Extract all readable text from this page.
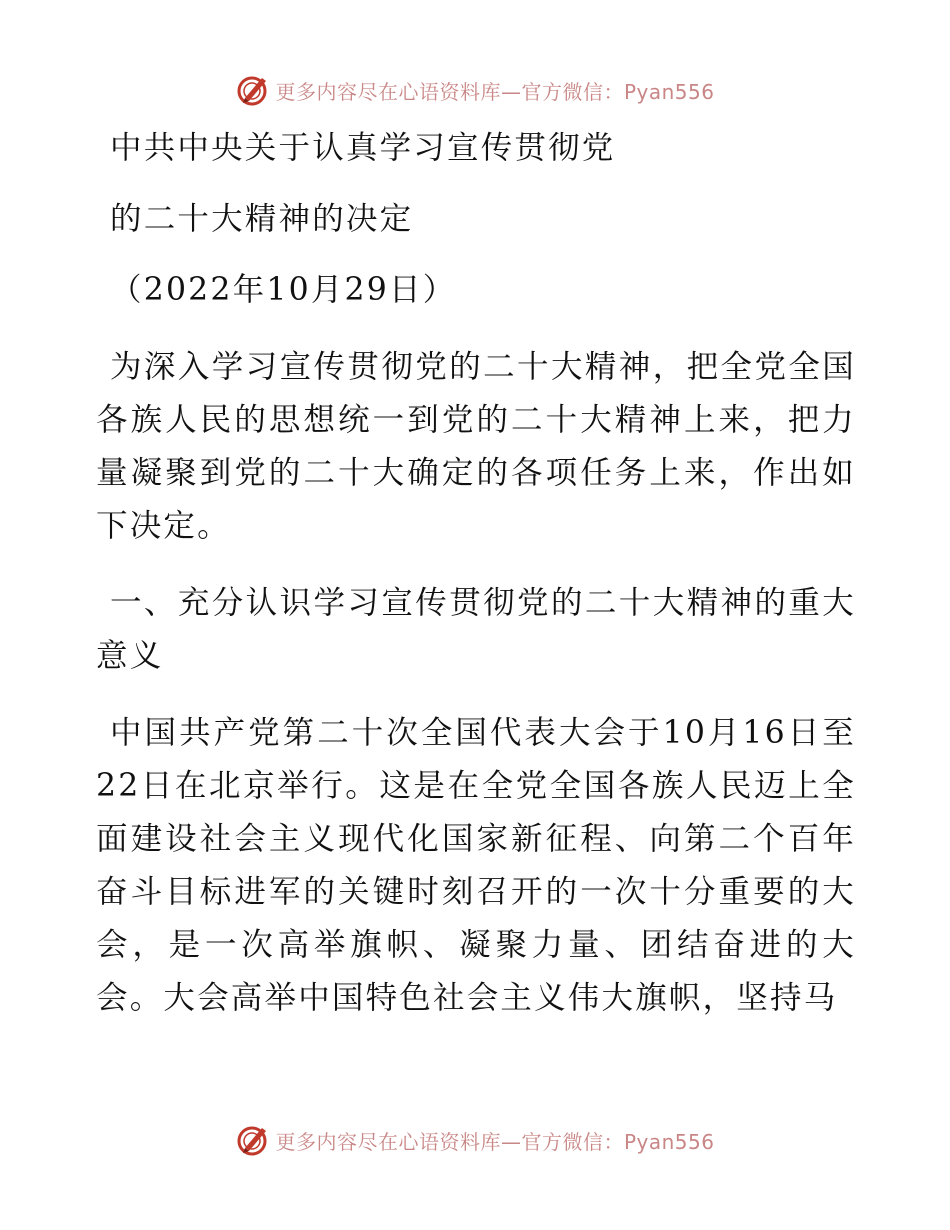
更多内容尽在心语资料库—官方微信：Pyan556

中共中央关于认真学习宣传贯彻党

的二十大精神的决定

（2022年10月29日）

为深入学习宣传贯彻党的二十大精神，把全党全国各族人民的思想统一到党的二十大精神上来，把力量凝聚到党的二十大确定的各项任务上来，作出如下决定。

一、充分认识学习宣传贯彻党的二十大精神的重大意义

中国共产党第二十次全国代表大会于10月16日至22日在北京举行。这是在全党全国各族人民迈上全面建设社会主义现代化国家新征程、向第二个百年奋斗目标进军的关键时刻召开的一次十分重要的大会，是一次高举旗帜、凝聚力量、团结奋进的大会。大会高举中国特色社会主义伟大旗帜，坚持马

更多内容尽在心语资料库—官方微信：Pyan556
